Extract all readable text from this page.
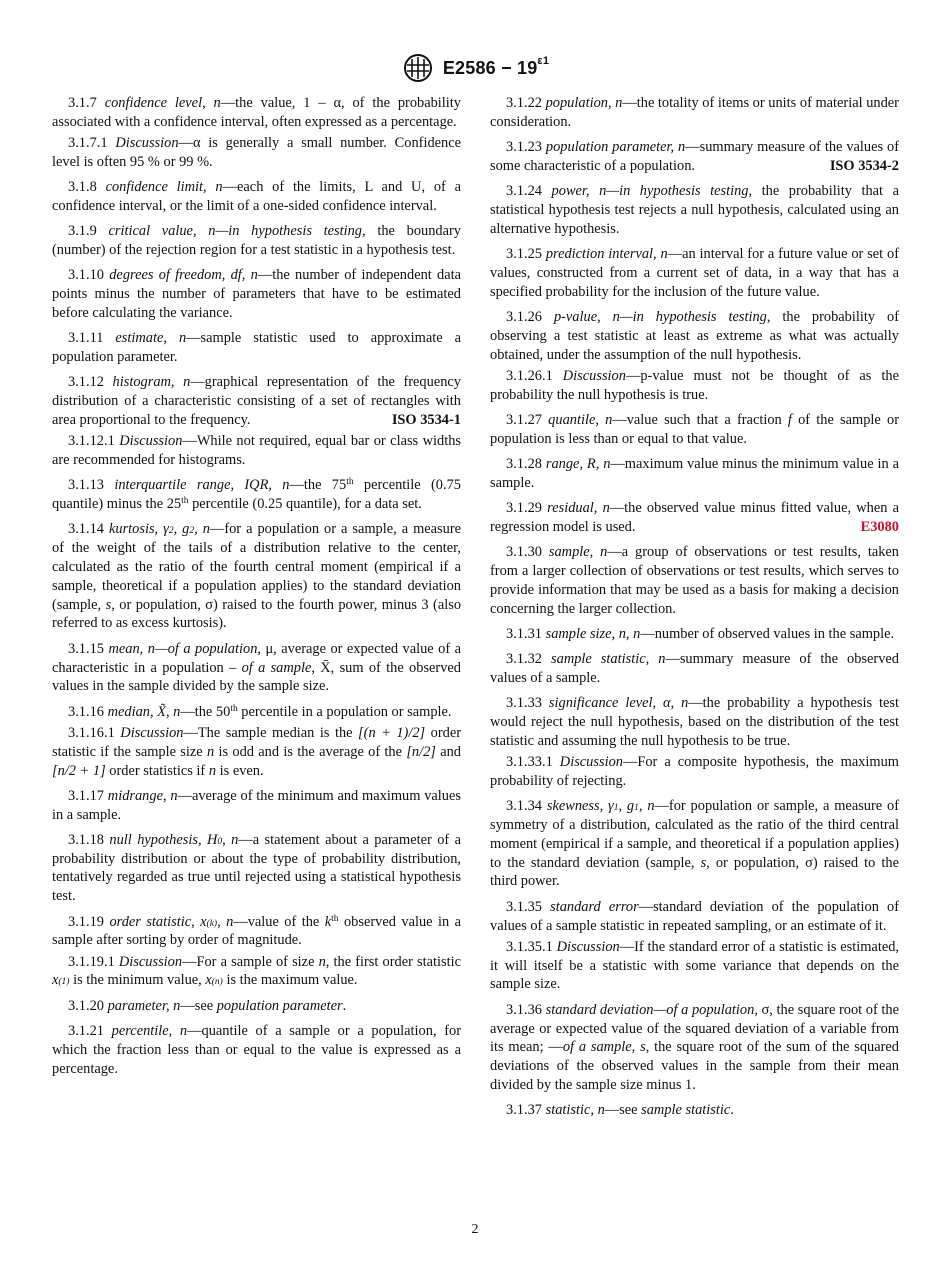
$E2586 - 19^{\varepsilon 1}$

3.1.7 confidence level, n—the value, 1 – α, of the probability associated with a confidence interval, often expressed as a percentage.

3.1.7.1 Discussion—α is generally a small number. Confidence level is often 95 % or 99 %.

3.1.8 confidence limit, n—each of the limits, L and U, of a confidence interval, or the limit of a one-sided confidence interval.

3.1.9 critical value, n—in hypothesis testing, the boundary (number) of the rejection region for a test statistic in a hypothesis test.

3.1.10 degrees of freedom, df, n—the number of independent data points minus the number of parameters that have to be estimated before calculating the variance.

3.1.11 estimate, n—sample statistic used to approximate a population parameter.

3.1.12 histogram, n—graphical representation of the frequency distribution of a characteristic consisting of a set of rectangles with area proportional to the frequency.	ISO 3534-1

3.1.12.1 Discussion—While not required, equal bar or class widths are recommended for histograms.

3.1.13 interquartile range, IQR, n—the 75th percentile (0.75 quantile) minus the 25th percentile (0.25 quantile), for a data set.

3.1.14 kurtosis, $\gamma_2$, $g_2$, n—for a population or a sample, a measure of the weight of the tails of a distribution relative to the center, calculated as the ratio of the fourth central moment (empirical if a sample, theoretical if a population applies) to the standard deviation (sample, s, or population, σ) raised to the fourth power, minus 3 (also referred to as excess kurtosis).

3.1.15 mean, n—of a population, μ, average or expected value of a characteristic in a population – of a sample, X̄, sum of the observed values in the sample divided by the sample size.

3.1.16 median, X̃, n—the 50th percentile in a population or sample.

3.1.16.1 Discussion—The sample median is the [(n + 1)/2] order statistic if the sample size n is odd and is the average of the [n/2] and [n/2 + 1] order statistics if n is even.

3.1.17 midrange, n—average of the minimum and maximum values in a sample.

3.1.18 null hypothesis, $H_0$, n—a statement about a parameter of a probability distribution or about the type of probability distribution, tentatively regarded as true until rejected using a statistical hypothesis test.

3.1.19 order statistic, $x_{(k)}$, n—value of the $k^{th}$ observed value in a sample after sorting by order of magnitude.

3.1.19.1 Discussion—For a sample of size n, the first order statistic $x_{(1)}$ is the minimum value, $x_{(n)}$ is the maximum value.

3.1.20 parameter, n—see population parameter.

3.1.21 percentile, n—quantile of a sample or a population, for which the fraction less than or equal to the value is expressed as a percentage.

3.1.22 population, n—the totality of items or units of material under consideration.

3.1.23 population parameter, n—summary measure of the values of some characteristic of a population.	ISO 3534-2

3.1.24 power, n—in hypothesis testing, the probability that a statistical hypothesis test rejects a null hypothesis, calculated using an alternative hypothesis.

3.1.25 prediction interval, n—an interval for a future value or set of values, constructed from a current set of data, in a way that has a specified probability for the inclusion of the future value.

3.1.26 p-value, n—in hypothesis testing, the probability of observing a test statistic at least as extreme as what was actually obtained, under the assumption of the null hypothesis.

3.1.26.1 Discussion—p-value must not be thought of as the probability the null hypothesis is true.

3.1.27 quantile, n—value such that a fraction f of the sample or population is less than or equal to that value.

3.1.28 range, R, n—maximum value minus the minimum value in a sample.

3.1.29 residual, n—the observed value minus fitted value, when a regression model is used.	E3080

3.1.30 sample, n—a group of observations or test results, taken from a larger collection of observations or test results, which serves to provide information that may be used as a basis for making a decision concerning the larger collection.

3.1.31 sample size, n, n—number of observed values in the sample.

3.1.32 sample statistic, n—summary measure of the observed values of a sample.

3.1.33 significance level, α, n—the probability a hypothesis test would reject the null hypothesis, based on the distribution of the test statistic and assuming the null hypothesis to be true.

3.1.33.1 Discussion—For a composite hypothesis, the maximum probability of rejecting.

3.1.34 skewness, $\gamma_1$, $g_1$, n—for population or sample, a measure of symmetry of a distribution, calculated as the ratio of the third central moment (empirical if a sample, and theoretical if a population applies) to the standard deviation (sample, s, or population, σ) raised to the third power.

3.1.35 standard error—standard deviation of the population of values of a sample statistic in repeated sampling, or an estimate of it.

3.1.35.1 Discussion—If the standard error of a statistic is estimated, it will itself be a statistic with some variance that depends on the sample size.

3.1.36 standard deviation—of a population, σ, the square root of the average or expected value of the squared deviation of a variable from its mean; —of a sample, s, the square root of the sum of the squared deviations of the observed values in the sample from their mean divided by the sample size minus 1.

3.1.37 statistic, n—see sample statistic.

2
